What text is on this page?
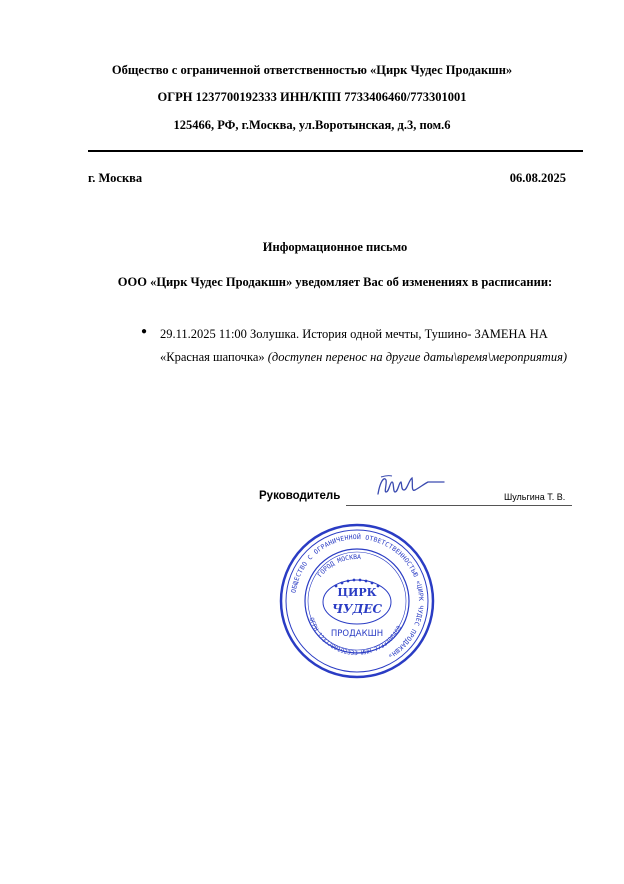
Общество с ограниченной ответственностью «Цирк Чудес Продакшн»
ОГРН 1237700192333 ИНН/КПП 7733406460/773301001
125466, РФ, г.Москва, ул.Воротынская, д.3, пом.6
г. Москва	06.08.2025
Информационное письмо
ООО «Цирк Чудес Продакшн» уведомляет Вас об изменениях в расписании:
● 29.11.2025 11:00 Золушка. История одной мечты, Тушино- ЗАМЕНА НА «Красная шапочка» (доступен перенос на другие даты\время\мероприятия)
Руководитель	Шульгина Т. В.
ОБЩЕСТВО С ОГРАНИЧЕННОЙ ОТВЕТСТВЕННОСТЬЮ «ЦИРК ЧУДЕС ПРОДАКШН»
ГОРОД МОСКВА
ОГРН 1237700192333 ИНН 7733406460
ЦИРК
ЧУДЕС
ПРОДАКШН
